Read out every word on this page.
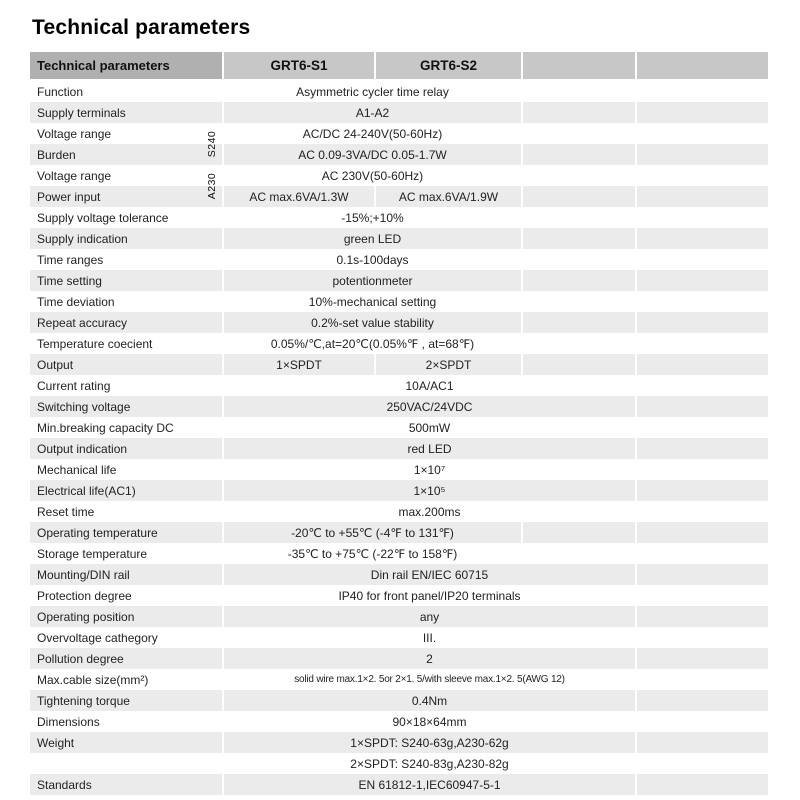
Technical parameters
Technical parameters	GRT6-S1	GRT6-S2
Function	Asymmetric cycler time relay
Supply terminals	A1-A2
Voltage range	AC/DC 24-240V(50-60Hz)
Burden	AC 0.09-3VA/DC 0.05-1.7W
Voltage range	AC 230V(50-60Hz)
Power input	AC max.6VA/1.3W	AC max.6VA/1.9W
Supply voltage tolerance	-15%;+10%
Supply indication	green LED
Time ranges	0.1s-100days
Time setting	potentionmeter
Time deviation	10%-mechanical setting
Repeat accuracy	0.2%-set value stability
Temperature coecient	0.05%/℃,at=20℃(0.05%℉ , at=68℉)
Output	1×SPDT	2×SPDT
Current rating	10A/AC1
Switching voltage	250VAC/24VDC
Min.breaking capacity DC	500mW
Output indication	red LED
Mechanical life	1×10⁷
Electrical life(AC1)	1×10⁵
Reset time	max.200ms
Operating temperature	-20℃ to +55℃ (-4℉ to 131℉)
Storage temperature	-35℃ to +75℃ (-22℉ to 158℉)
Mounting/DIN rail	Din rail EN/IEC 60715
Protection degree	IP40 for front panel/IP20 terminals
Operating position	any
Overvoltage cathegory	III.
Pollution degree	2
Max.cable size(mm²)	solid wire max.1×2. 5or 2×1. 5/with sleeve max.1×2. 5(AWG 12)
Tightening torque	0.4Nm
Dimensions	90×18×64mm
Weight	1×SPDT: S240-63g,A230-62g
2×SPDT: S240-83g,A230-82g
Standards	EN 61812-1,IEC60947-5-1
S240
A230
